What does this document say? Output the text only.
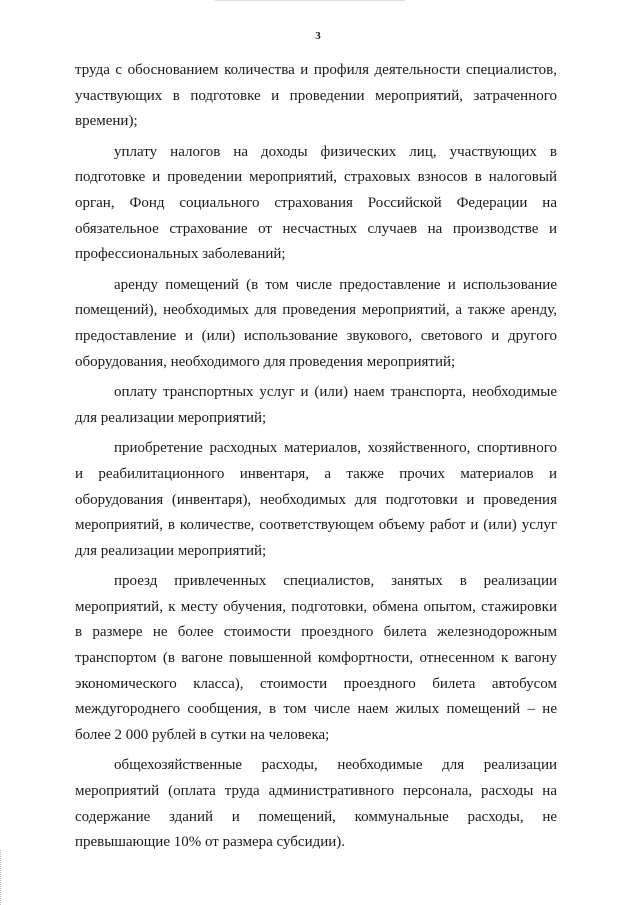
3

труда с обоснованием количества и профиля деятельности специалистов, участвующих в подготовке и проведении мероприятий, затраченного времени);

уплату налогов на доходы физических лиц, участвующих в подготовке и проведении мероприятий, страховых взносов в налоговый орган, Фонд социального страхования Российской Федерации на обязательное страхование от несчастных случаев на производстве и профессиональных заболеваний;

аренду помещений (в том числе предоставление и использование помещений), необходимых для проведения мероприятий, а также аренду, предоставление и (или) использование звукового, светового и другого оборудования, необходимого для проведения мероприятий;

оплату транспортных услуг и (или) наем транспорта, необходимые для реализации мероприятий;

приобретение расходных материалов, хозяйственного, спортивного и реабилитационного инвентаря, а также прочих материалов и оборудования (инвентаря), необходимых для подготовки и проведения мероприятий, в количестве, соответствующем объему работ и (или) услуг для реализации мероприятий;

проезд привлеченных специалистов, занятых в реализации мероприятий, к месту обучения, подготовки, обмена опытом, стажировки в размере не более стоимости проездного билета железнодорожным транспортом (в вагоне повышенной комфортности, отнесенном к вагону экономического класса), стоимости проездного билета автобусом междугороднего сообщения, в том числе наем жилых помещений – не более 2 000 рублей в сутки на человека;

общехозяйственные расходы, необходимые для реализации мероприятий (оплата труда административного персонала, расходы на содержание зданий и помещений, коммунальные расходы, не превышающие 10% от размера субсидии).
